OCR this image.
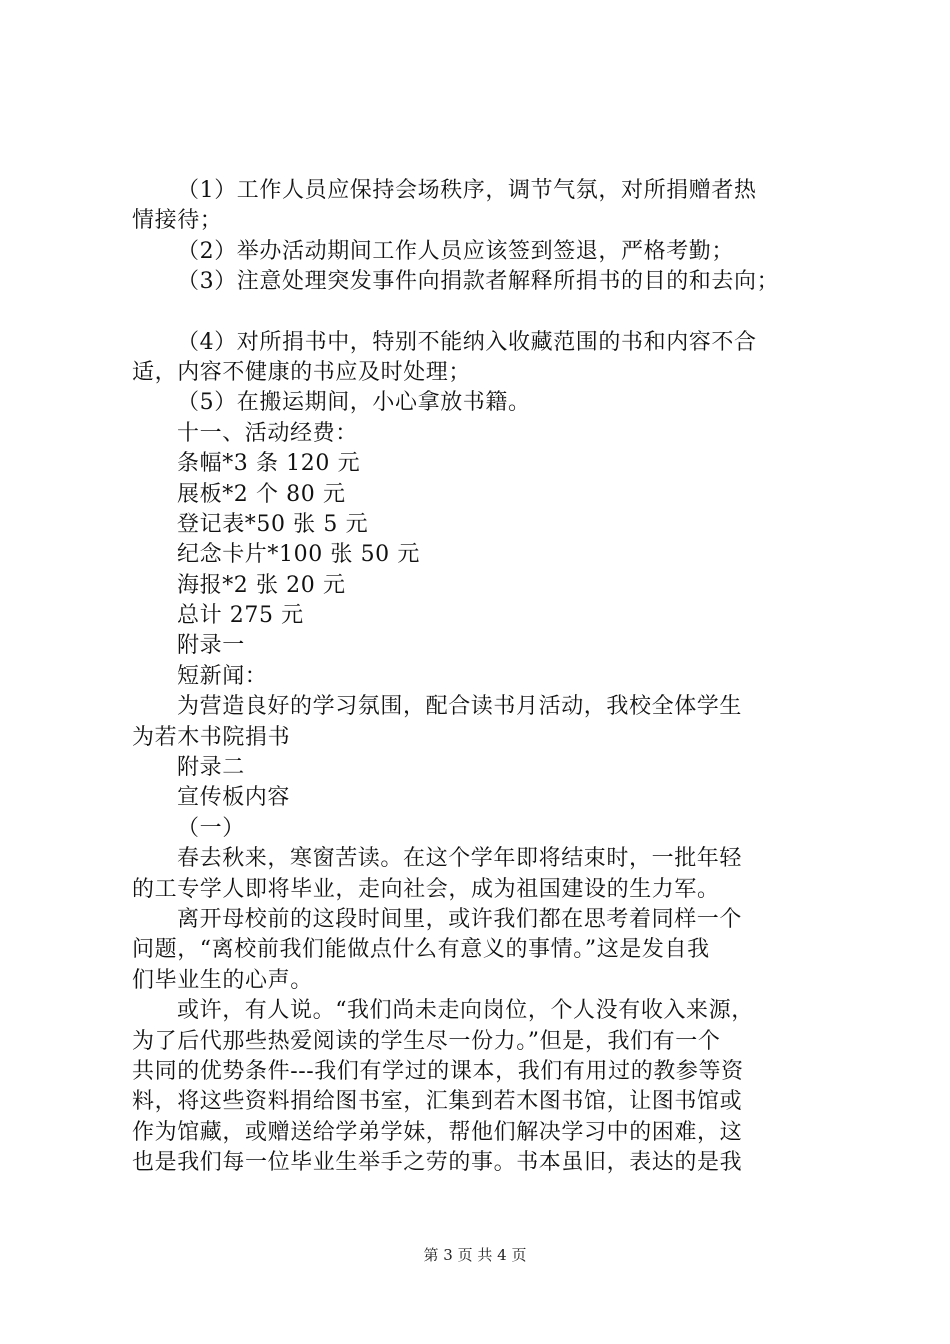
（1）工作人员应保持会场秩序，调节气氛，对所捐赠者热
情接待；
（2）举办活动期间工作人员应该签到签退，严格考勤；
（3）注意处理突发事件向捐款者解释所捐书的目的和去向；
（4）对所捐书中，特别不能纳入收藏范围的书和内容不合
适，内容不健康的书应及时处理；
（5）在搬运期间，小心拿放书籍。
十一、活动经费：
条幅*3 条 120 元
展板*2 个 80 元
登记表*50 张 5 元
纪念卡片*100 张 50 元
海报*2 张 20 元
总计 275 元
附录一
短新闻：
为营造良好的学习氛围，配合读书月活动，我校全体学生
为若木书院捐书
附录二
宣传板内容
（一）
春去秋来，寒窗苦读。在这个学年即将结束时，一批年轻
的工专学人即将毕业，走向社会，成为祖国建设的生力军。
离开母校前的这段时间里，或许我们都在思考着同样一个
问题，“离校前我们能做点什么有意义的事情。”这是发自我
们毕业生的心声。
或许，有人说。“我们尚未走向岗位，个人没有收入来源，
为了后代那些热爱阅读的学生尽一份力。”但是，我们有一个
共同的优势条件---我们有学过的课本，我们有用过的教参等资
料，将这些资料捐给图书室，汇集到若木图书馆，让图书馆或
作为馆藏，或赠送给学弟学妹，帮他们解决学习中的困难，这
也是我们每一位毕业生举手之劳的事。书本虽旧，表达的是我
第 3 页 共 4 页
